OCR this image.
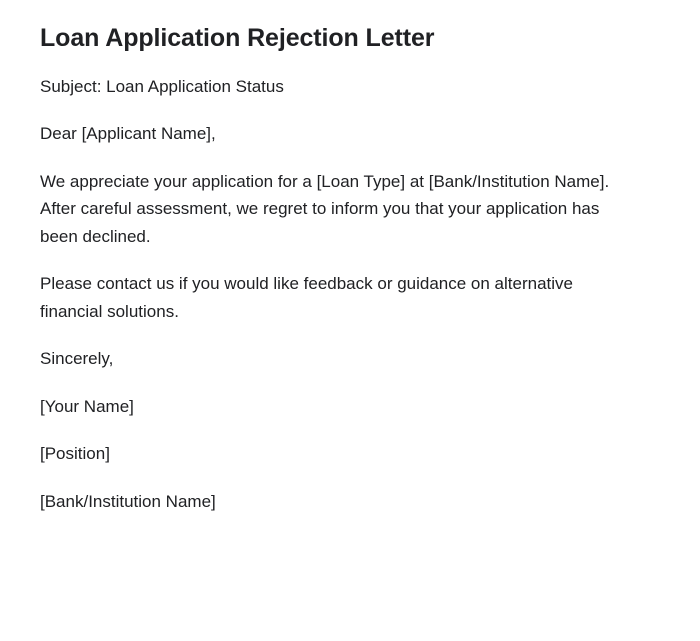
Loan Application Rejection Letter

Subject: Loan Application Status

Dear [Applicant Name],

We appreciate your application for a [Loan Type] at [Bank/Institution Name]. After careful assessment, we regret to inform you that your application has been declined.

Please contact us if you would like feedback or guidance on alternative financial solutions.

Sincerely,

[Your Name]

[Position]

[Bank/Institution Name]
